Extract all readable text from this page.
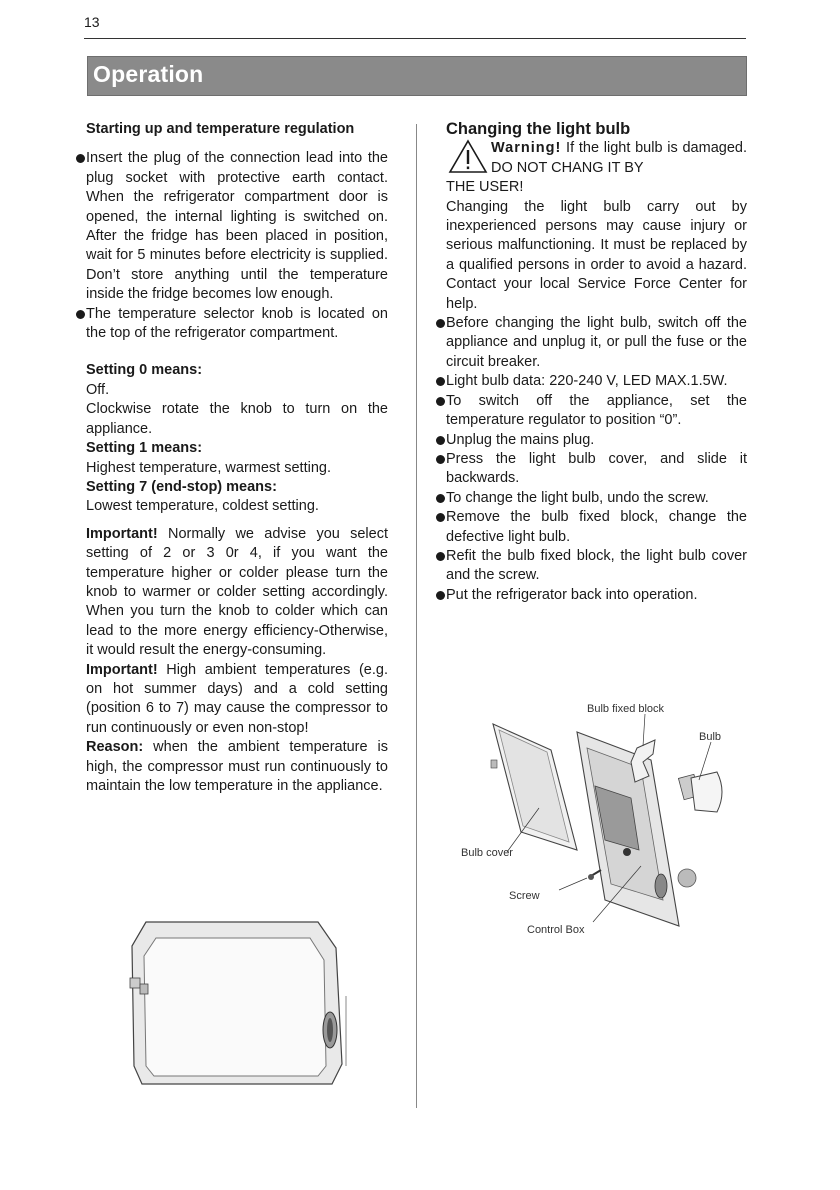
13
Operation

Starting up and temperature regulation

Insert the plug of the connection lead into the plug socket with protective earth contact. When the refrigerator compartment door is opened, the internal lighting is switched on. After the fridge has been placed in position, wait for 5 minutes before electricity is supplied. Don’t store anything until the temperature inside the fridge becomes low enough.

The temperature selector knob is located on the top of the refrigerator compartment.

Setting 0 means:

Off.
Clockwise rotate the knob to turn on the appliance.

Setting 1 means:

Highest temperature, warmest setting.

Setting 7 (end-stop) means:

Lowest temperature, coldest setting.

Important! Normally we advise you select setting of 2 or 3 0r 4, if you want the temperature higher or colder please turn the knob to warmer or colder setting accordingly. When you turn the knob to colder which can lead to the more energy efficiency-Otherwise, it would result the energy-consuming.

Important! High ambient temperatures (e.g. on hot summer days) and a cold setting (position 6 to 7) may cause the compressor to run continuously or even non-stop!

Reason: when the ambient temperature is high, the compressor must run continuously to maintain the low temperature in the appliance.

Changing the light bulb

Warning! If the light bulb is damaged. DO NOT CHANG IT BY

THE USER!

Changing the light bulb carry out by inexperienced persons may cause injury or serious malfunctioning. It must be replaced by a qualified persons in order to avoid a hazard. Contact your local Service Force Center for help.

Before changing the light bulb, switch off the appliance and unplug it, or pull the fuse or the circuit breaker.

Light bulb data: 220-240 V, LED MAX.1.5W.

To switch off the appliance, set the temperature regulator to position “0”.

Unplug the mains plug.

Press the light bulb cover, and slide it backwards.

To change the light bulb, undo the screw.

Remove the bulb fixed block, change the defective light bulb.

Refit the bulb fixed block, the light bulb cover and the screw.

Put the refrigerator back into operation.

Bulb fixed block
Bulb
Bulb cover
Screw
Control Box
